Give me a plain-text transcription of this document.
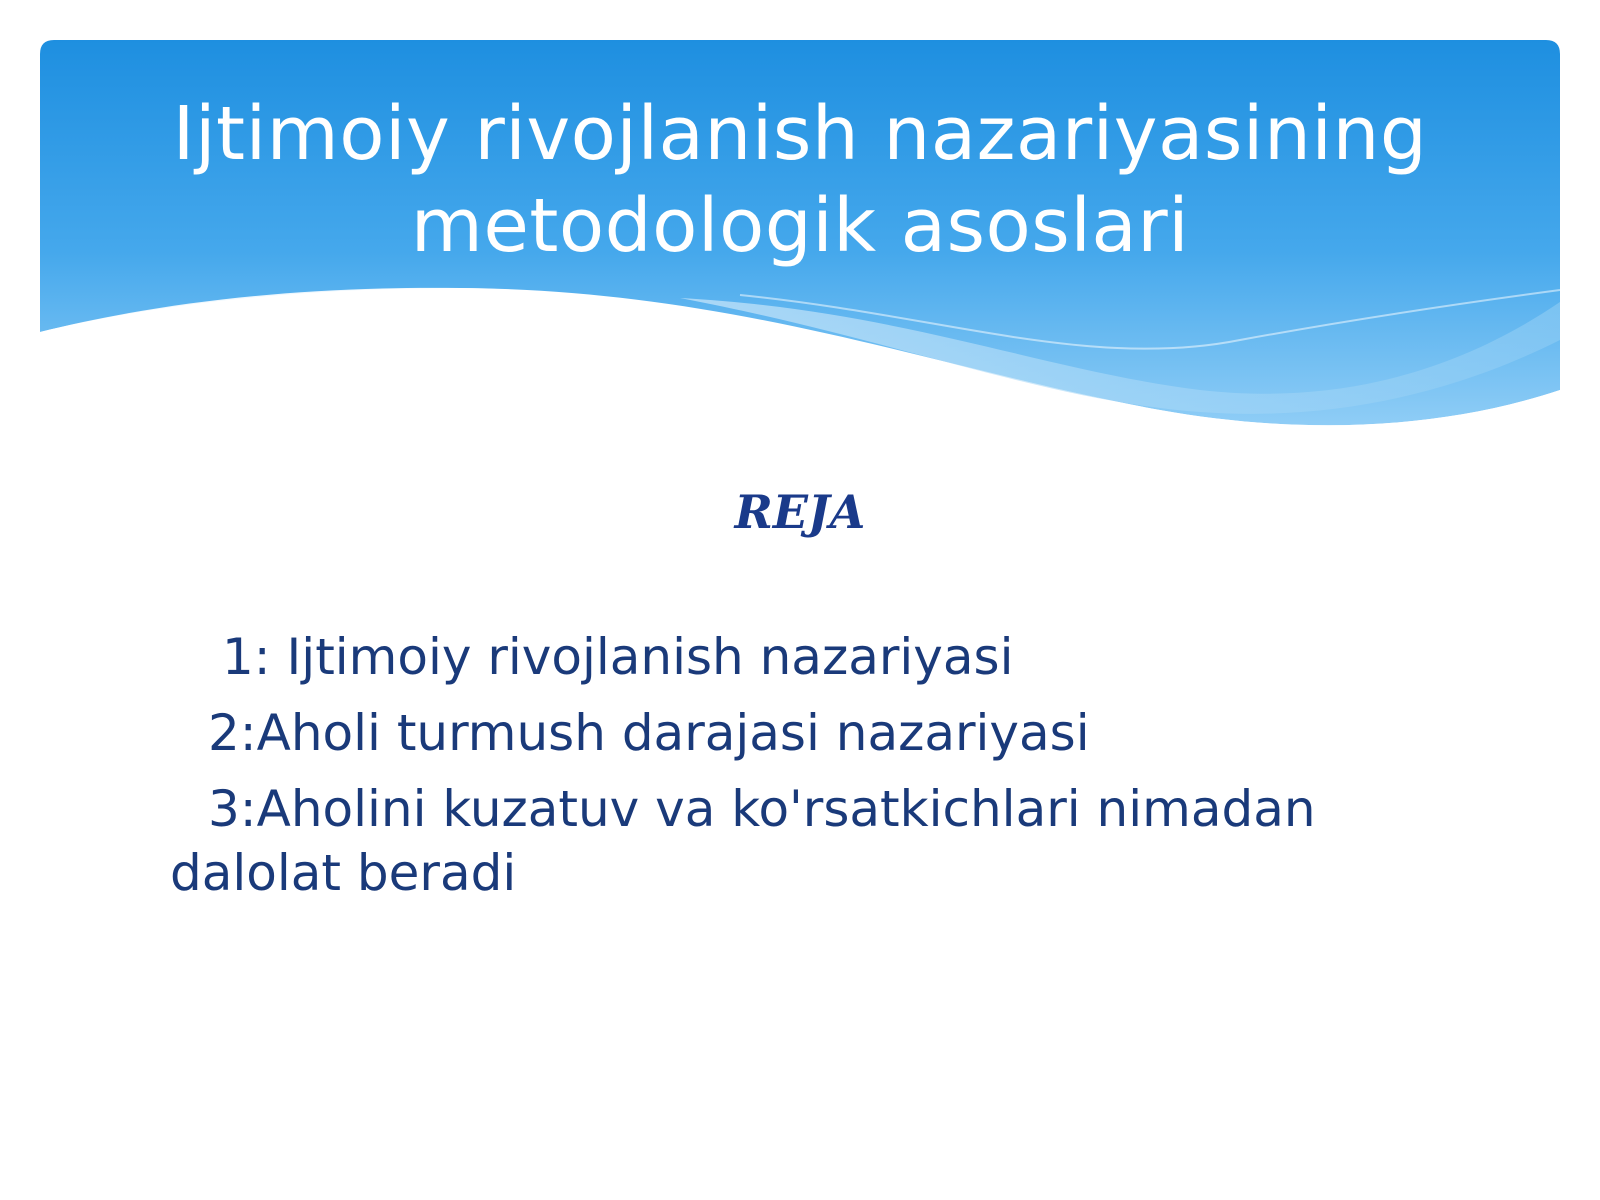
Ijtimoiy rivojlanish nazariyasining metodologik asoslari
REJA
1: Ijtimoiy rivojlanish nazariyasi
2:Aholi turmush darajasi nazariyasi
3:Aholini kuzatuv va ko'rsatkichlari nimadan dalolat beradi
